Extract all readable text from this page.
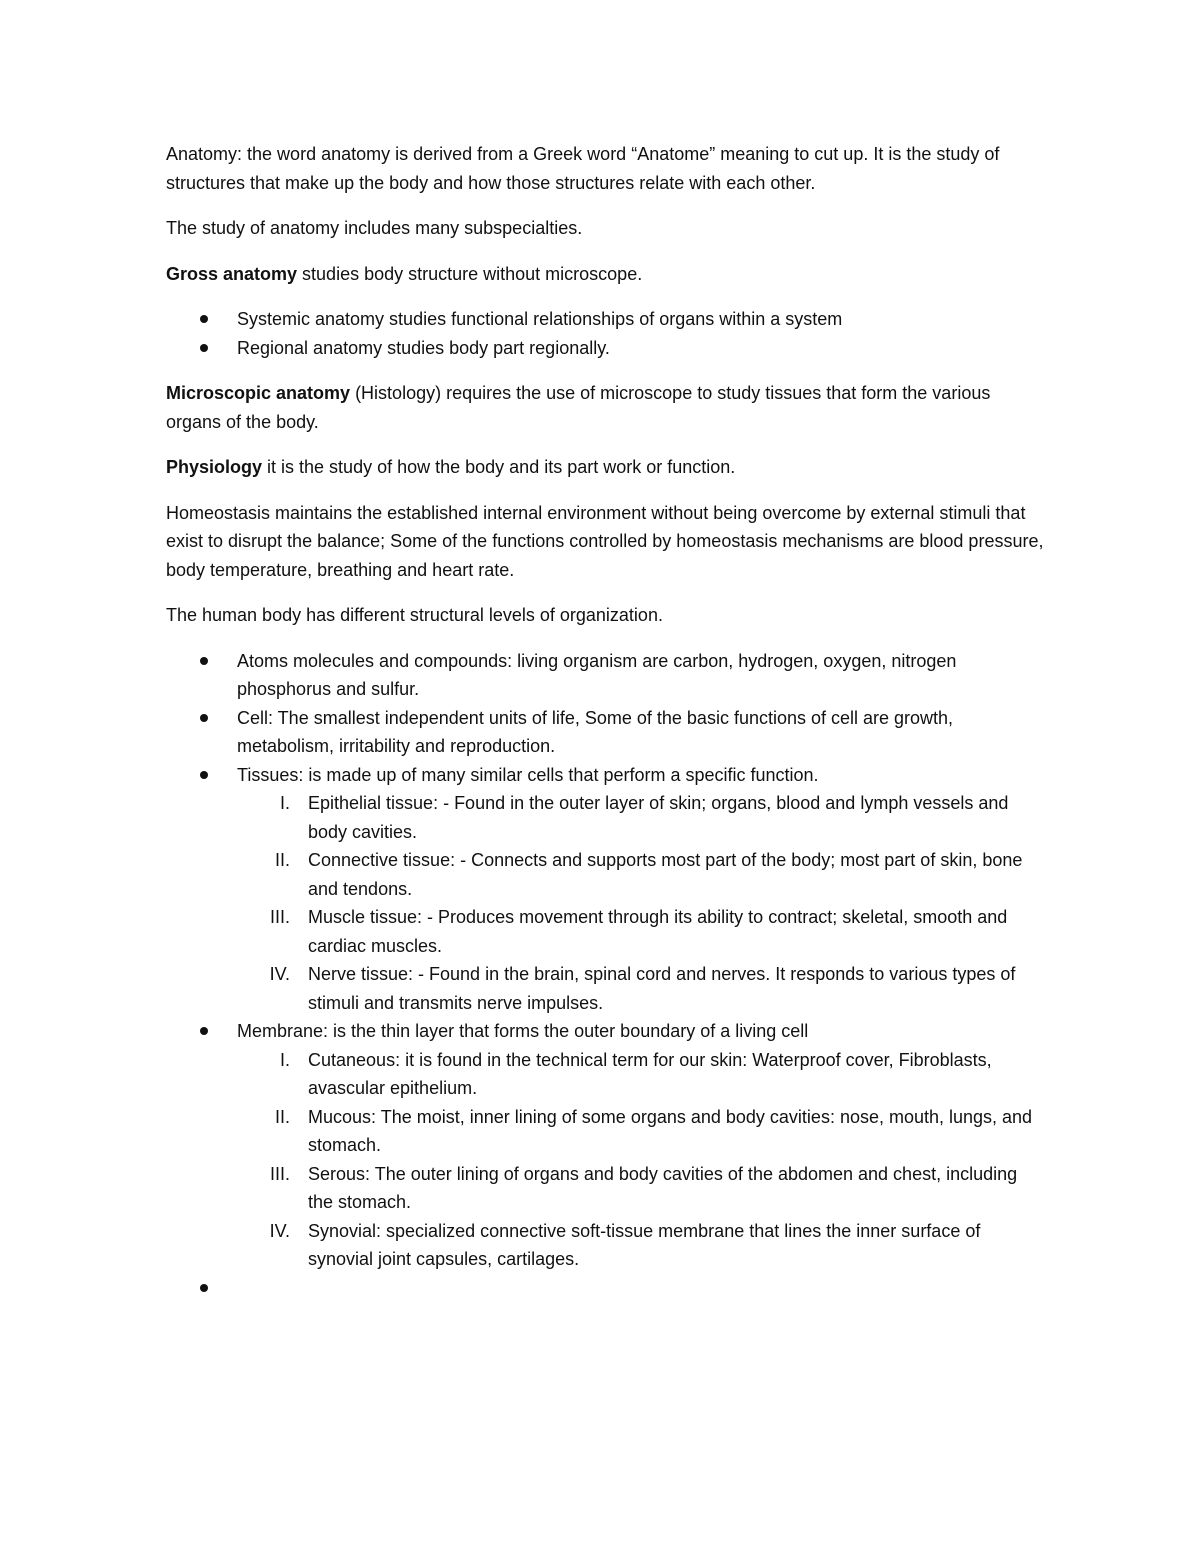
Anatomy: the word anatomy is derived from a Greek word “Anatome” meaning to cut up. It is the study of structures that make up the body and how those structures relate with each other.

The study of anatomy includes many subspecialties.

Gross anatomy studies body structure without microscope.

Systemic anatomy studies functional relationships of organs within a system
Regional anatomy studies body part regionally.

Microscopic anatomy (Histology) requires the use of microscope to study tissues that form the various organs of the body.

Physiology it is the study of how the body and its part work or function.

Homeostasis maintains the established internal environment without being overcome by external stimuli that exist to disrupt the balance; Some of the functions controlled by homeostasis mechanisms are blood pressure, body temperature, breathing and heart rate.

The human body has different structural levels of organization.

Atoms molecules and compounds: living organism are carbon, hydrogen, oxygen, nitrogen phosphorus and sulfur.
Cell: The smallest independent units of life, Some of the basic functions of cell are growth, metabolism, irritability and reproduction.
Tissues: is made up of many similar cells that perform a specific function.
I. Epithelial tissue: - Found in the outer layer of skin; organs, blood and lymph vessels and body cavities.
II. Connective tissue: - Connects and supports most part of the body; most part of skin, bone and tendons.
III. Muscle tissue: - Produces movement through its ability to contract; skeletal, smooth and cardiac muscles.
IV. Nerve tissue: - Found in the brain, spinal cord and nerves. It responds to various types of stimuli and transmits nerve impulses.
Membrane: is the thin layer that forms the outer boundary of a living cell
I. Cutaneous: it is found in the technical term for our skin: Waterproof cover, Fibroblasts, avascular epithelium.
II. Mucous: The moist, inner lining of some organs and body cavities: nose, mouth, lungs, and stomach.
III. Serous: The outer lining of organs and body cavities of the abdomen and chest, including the stomach.
IV. Synovial: specialized connective soft-tissue membrane that lines the inner surface of synovial joint capsules, cartilages.
